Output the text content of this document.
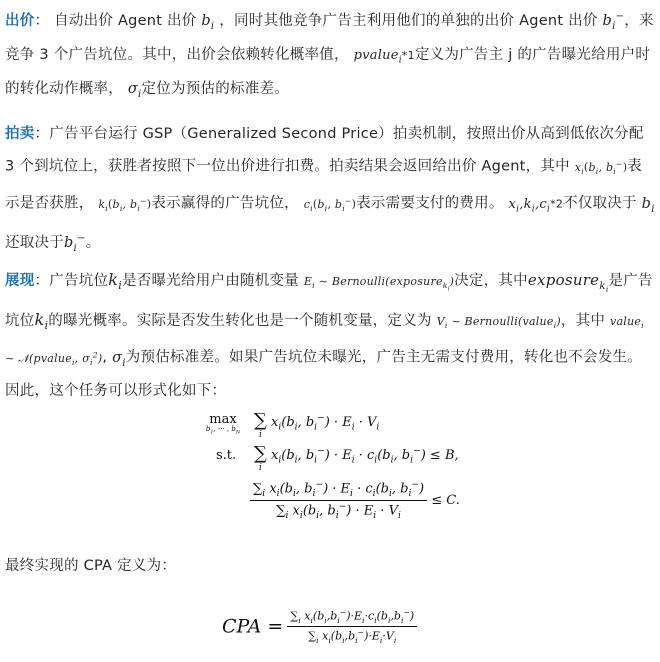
出价： 自动出价 Agent 出价 $b_i$ ，同时其他竞争广告主利用他们的单独的出价 Agent 出价 $b_i^-$，来竞争 3 个广告坑位。其中，出价会依赖转化概率值， pvalue$_i$*1定义为广告主 j 的广告曝光给用户时的转化动作概率， $\sigma_i$定位为预估的标准差。
拍卖：广告平台运行 GSP（Generalized Second Price）拍卖机制，按照出价从高到低依次分配 3 个到坑位上，获胜者按照下一位出价进行扣费。拍卖结果会返回给出价 Agent，其中 $x_i(b_i$, $b_i^-$)表示是否获胜， $k_i(b_i$, $b_i^-$)表示赢得的广告坑位， $c_i(b_i$, $b_i^-$)表示需要支付的费用。 $x_i,k_i,c_i*2$不仅取决于 $b_i$ 还取决于$b_i^-$。
展现：广告坑位$k_i$是否曝光给用户由随机变量 $E_i$ ∼ Bernoulli(exposure$_{k_i}$)决定，其中exposure$_{k_i}$是广告坑位$k_i$的曝光概率。实际是否发生转化也是一个随机变量，定义为 $V_i$ ∼ Bernoulli(value$_i$)，其中 value$_i$ ∼ 𝒩(pvalue$_i$, $\sigma_i^2$), $\sigma_i$为预估标准差。如果广告坑位未曝光，广告主无需支付费用，转化也不会发生。因此，这个任务可以形式化如下：
max
$b_1$, ··· , $b_N$
∑
i
$x_i(b_i$, $b_i^-) \cdot E_i \cdot V_i$
s.t. ∑
i
$x_i(b_i$, $b_i^-) \cdot E_i \cdot c_i(b_i$, $b_i^-) \le B$,
$\frac{\sum_i x_i(b_i, b_i^-) \cdot E_i \cdot c_i(b_i, b_i^-)}{\sum_i x_i(b_i, b_i^-) \cdot E_i \cdot V_i} \le C$.
最终实现的 CPA 定义为：
CPA = $\frac{\sum_i x_i(b_i,b_i^-)\cdot E_i\cdot c_i(b_i,b_i^-)}{\sum_i x_i(b_i,b_i^-)\cdot E_i\cdot V_i}$
